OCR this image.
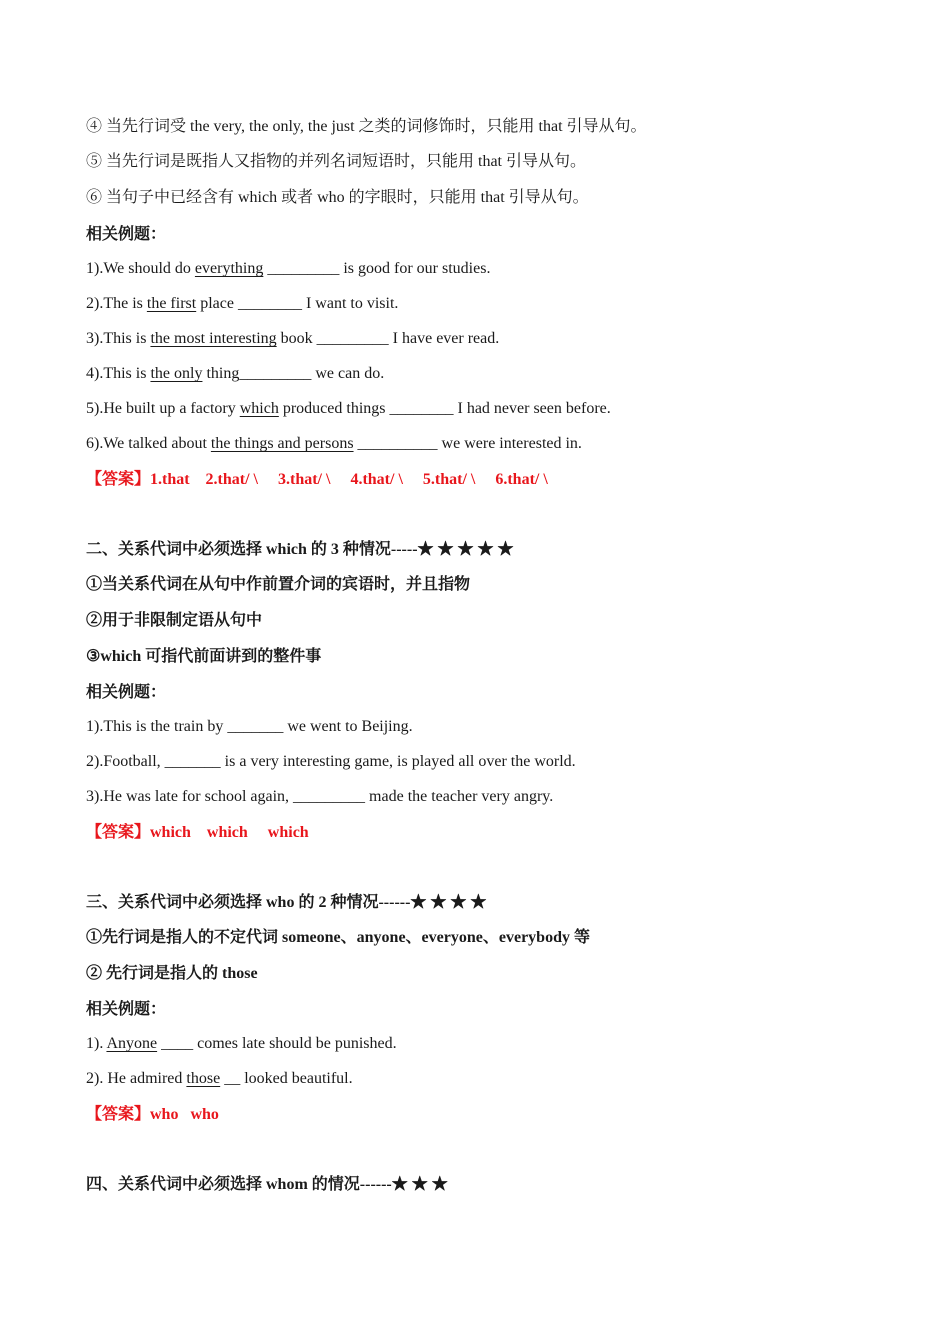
④ 当先行词受 the very, the only, the just 之类的词修饰时，只能用 that 引导从句。
⑤ 当先行词是既指人又指物的并列名词短语时，只能用 that 引导从句。
⑥ 当句子中已经含有 which 或者 who 的字眼时，只能用 that 引导从句。
相关例题：
1).We should do everything _________ is good for our studies.
2).The is the first place ________ I want to visit.
3).This is the most interesting book _________ I have ever read.
4).This is the only thing_________ we can do.
5).He built up a factory which produced things ________ I had never seen before.
6).We talked about the things and persons __________ we were interested in.
【答案】1.that    2.that/ \     3.that/ \     4.that/ \     5.that/ \     6.that/ \
二、关系代词中必须选择 which 的 3 种情况-----★ ★ ★ ★ ★
①当关系代词在从句中作前置介词的宾语时，并且指物
②用于非限制定语从句中
③which 可指代前面讲到的整件事
相关例题：
1).This is the train by _______ we went to Beijing.
2).Football, _______ is a very interesting game, is played all over the world.
3).He was late for school again, _________ made the teacher very angry.
【答案】which    which     which
三、关系代词中必须选择 who 的 2 种情况------★ ★ ★ ★
①先行词是指人的不定代词 someone、anyone、everyone、everybody 等
② 先行词是指人的 those
相关例题：
1). Anyone ____ comes late should be punished.
2). He admired those __ looked beautiful.
【答案】who   who
四、关系代词中必须选择 whom 的情况------★ ★ ★
